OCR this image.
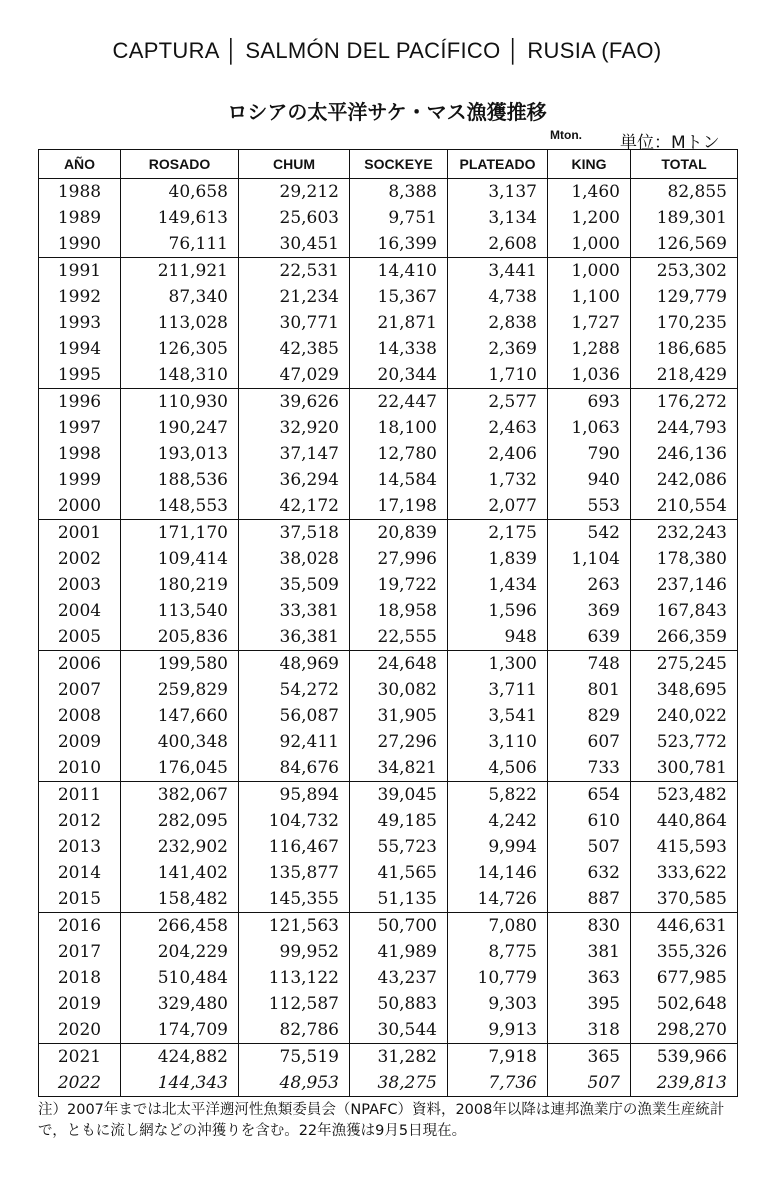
CAPTURA │ SALMÓN DEL PACÍFICO │ RUSIA (FAO)
ロシアの太平洋サケ・マス漁獲推移
Mton. 単位：Mトン
AÑO	ROSADO	CHUM	SOCKEYE	PLATEADO	KING	TOTAL
1988	40,658	29,212	8,388	3,137	1,460	82,855
1989	149,613	25,603	9,751	3,134	1,200	189,301
1990	76,111	30,451	16,399	2,608	1,000	126,569
1991	211,921	22,531	14,410	3,441	1,000	253,302
1992	87,340	21,234	15,367	4,738	1,100	129,779
1993	113,028	30,771	21,871	2,838	1,727	170,235
1994	126,305	42,385	14,338	2,369	1,288	186,685
1995	148,310	47,029	20,344	1,710	1,036	218,429
1996	110,930	39,626	22,447	2,577	693	176,272
1997	190,247	32,920	18,100	2,463	1,063	244,793
1998	193,013	37,147	12,780	2,406	790	246,136
1999	188,536	36,294	14,584	1,732	940	242,086
2000	148,553	42,172	17,198	2,077	553	210,554
2001	171,170	37,518	20,839	2,175	542	232,243
2002	109,414	38,028	27,996	1,839	1,104	178,380
2003	180,219	35,509	19,722	1,434	263	237,146
2004	113,540	33,381	18,958	1,596	369	167,843
2005	205,836	36,381	22,555	948	639	266,359
2006	199,580	48,969	24,648	1,300	748	275,245
2007	259,829	54,272	30,082	3,711	801	348,695
2008	147,660	56,087	31,905	3,541	829	240,022
2009	400,348	92,411	27,296	3,110	607	523,772
2010	176,045	84,676	34,821	4,506	733	300,781
2011	382,067	95,894	39,045	5,822	654	523,482
2012	282,095	104,732	49,185	4,242	610	440,864
2013	232,902	116,467	55,723	9,994	507	415,593
2014	141,402	135,877	41,565	14,146	632	333,622
2015	158,482	145,355	51,135	14,726	887	370,585
2016	266,458	121,563	50,700	7,080	830	446,631
2017	204,229	99,952	41,989	8,775	381	355,326
2018	510,484	113,122	43,237	10,779	363	677,985
2019	329,480	112,587	50,883	9,303	395	502,648
2020	174,709	82,786	30,544	9,913	318	298,270
2021	424,882	75,519	31,282	7,918	365	539,966
2022	144,343	48,953	38,275	7,736	507	239,813
注）2007年までは北太平洋遡河性魚類委員会（NPAFC）資料，2008年以降は連邦漁業庁の漁業生産統計で，ともに流し網などの沖獲りを含む。22年漁獲は9月5日現在。
